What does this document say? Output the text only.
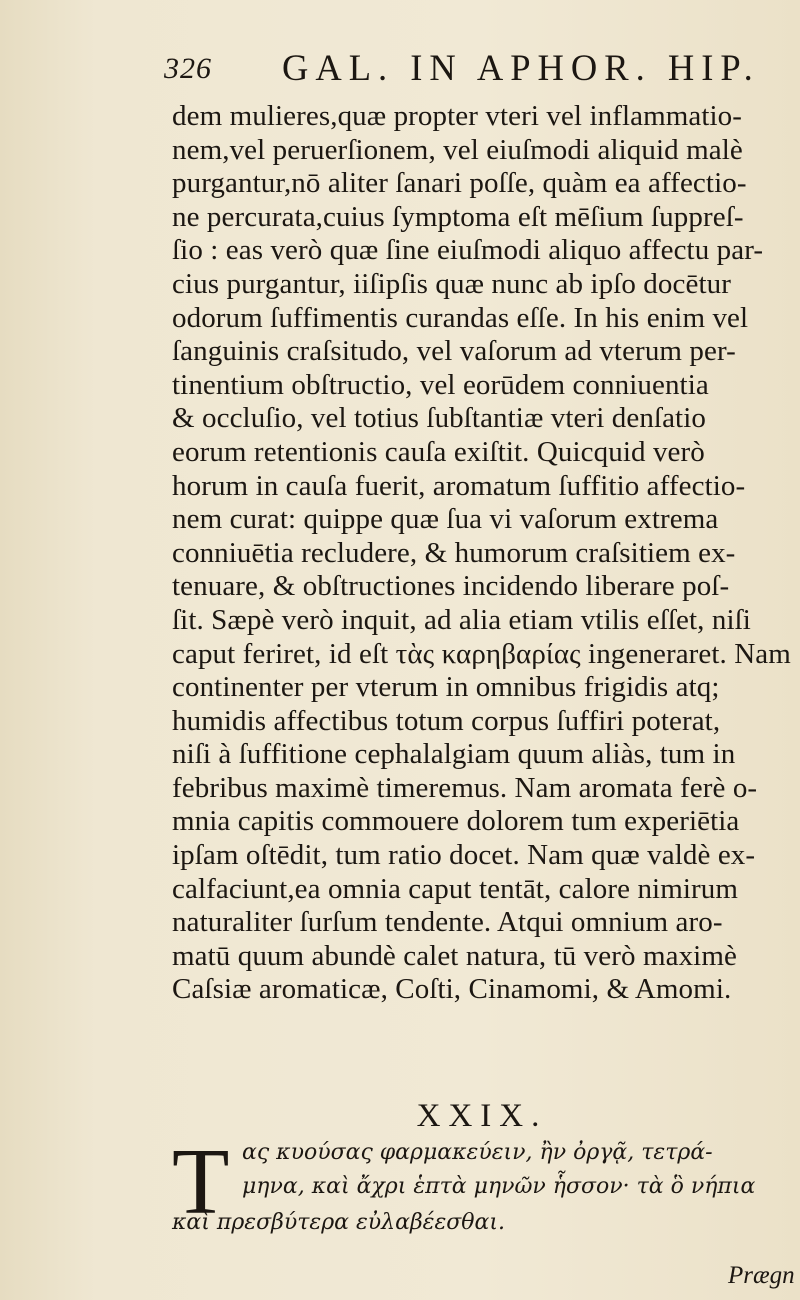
326 GAL. IN APHOR. HIP.
dem mulieres,quæ propter vteri vel inflammatio-
nem,vel peruerſionem, vel eiuſmodi aliquid malè
purgantur,nō aliter ſanari poſſe, quàm ea affectio-
ne percurata,cuius ſymptoma eſt mēſium ſuppreſ-
ſio : eas verò quæ ſine eiuſmodi aliquo affectu par-
cius purgantur, iiſipſis quæ nunc ab ipſo docētur
odorum ſuffimentis curandas eſſe. In his enim vel
ſanguinis craſsitudo, vel vaſorum ad vterum per-
tinentium obſtructio, vel eorūdem conniuentia
& occluſio, vel totius ſubſtantiæ vteri denſatio
eorum retentionis cauſa exiſtit. Quicquid verò
horum in cauſa fuerit, aromatum ſuffitio affectio-
nem curat: quippe quæ ſua vi vaſorum extrema
conniuētia recludere, & humorum craſsitiem ex-
tenuare, & obſtructiones incidendo liberare poſ-
ſit. Sæpè verò inquit, ad alia etiam vtilis eſſet, niſi
caput feriret, id eſt τὰς καρηβαρίας ingeneraret. Nam
continenter per vterum in omnibus frigidis atq;
humidis affectibus totum corpus ſuffiri poterat,
niſi à ſuffitione cephalalgiam quum aliàs, tum in
febribus maximè timeremus. Nam aromata ferè o-
mnia capitis commouere dolorem tum experiētia
ipſam oſtēdit, tum ratio docet. Nam quæ valdè ex-
calfaciunt,ea omnia caput tentāt, calore nimirum
naturaliter ſurſum tendente. Atqui omnium aro-
matū quum abundè calet natura, tū verò maximè
Caſsiæ aromaticæ, Coſti, Cinamomi, & Amomi.
XXIX.
T ας κυούσας φαρμακεύειν, ἢν ὀργᾷ, τετρά-
μηνα, καὶ ἄχρι ἑπτὰ μηνῶν ἧσσον· τὰ ὃ νήπια
καὶ πρεσβύτερα εὐλαβέεσθαι.
Prægn
